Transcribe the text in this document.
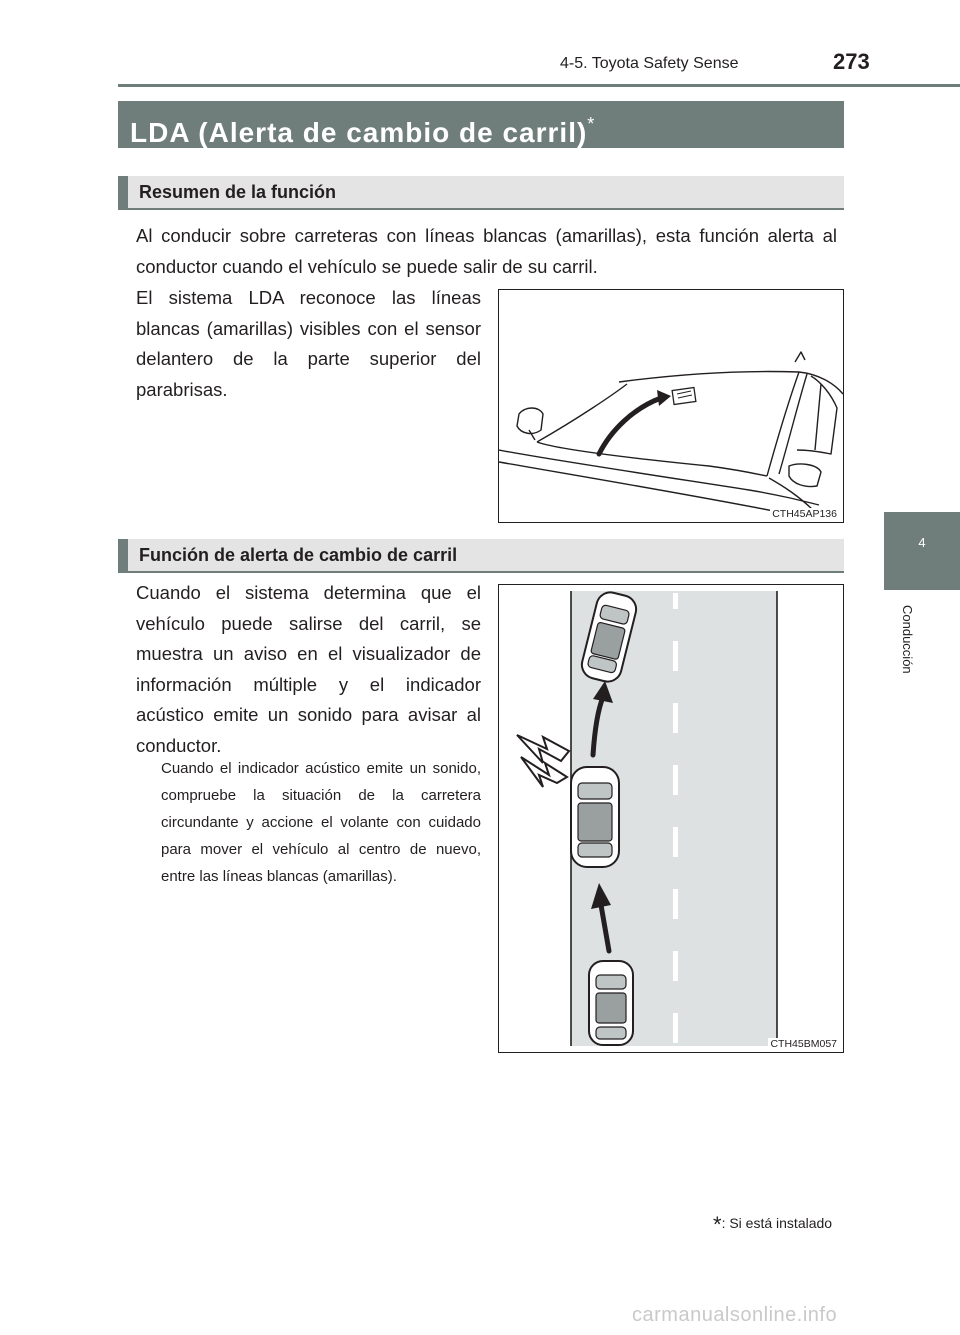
4-5. Toyota Safety Sense	273
4
Conducción
LDA (Alerta de cambio de carril)*
Resumen de la función
Al conducir sobre carreteras con líneas blancas (amarillas), esta función alerta al conductor cuando el vehículo se puede salir de su carril.
El sistema LDA reconoce las líneas blancas (amarillas) visibles con el sensor delantero de la parte superior del parabrisas.
CTH45AP136
Función de alerta de cambio de carril
Cuando el sistema determina que el vehículo puede salirse del carril, se muestra un aviso en el visualizador de información múltiple y el indicador acústico emite un sonido para avisar al conductor.
Cuando el indicador acústico emite un sonido, compruebe la situación de la carretera circundante y accione el volante con cuidado para mover el vehículo al centro de nuevo, entre las líneas blancas (amarillas).
CTH45BM057
*: Si está instalado
carmanualsonline.info
